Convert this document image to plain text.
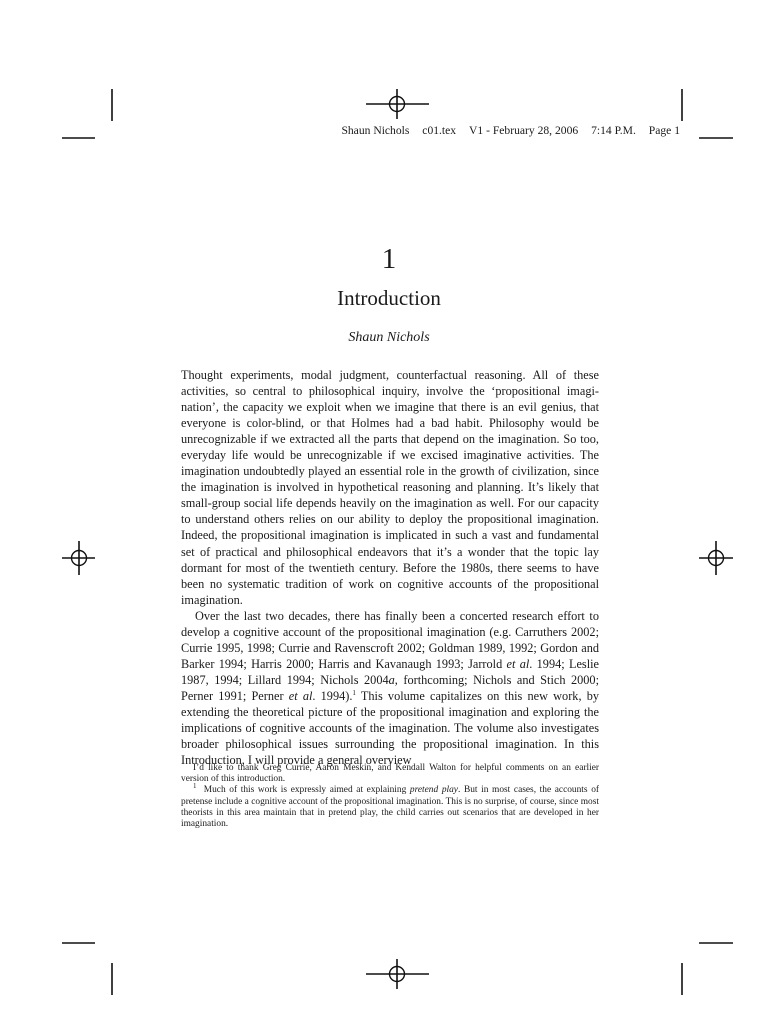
Shaun Nichols c01.tex V1 - February 28, 2006 7:14 P.M. Page 1
1
Introduction
Shaun Nichols

Thought experiments, modal judgment, counterfactual reasoning. All of these activities, so central to philosophical inquiry, involve the ‘propositional imagination’, the capacity we exploit when we imagine that there is an evil genius, that everyone is color-blind, or that Holmes had a bad habit. Philosophy would be unrecognizable if we extracted all the parts that depend on the imagination. So too, everyday life would be unrecognizable if we excised imaginative activities. The imagination undoubtedly played an essential role in the growth of civilization, since the imagination is involved in hypothetical reasoning and planning. It’s likely that small-group social life depends heavily on the imagination as well. For our capacity to understand others relies on our ability to deploy the propositional imagination. Indeed, the propositional imagination is implicated in such a vast and fundamental set of practical and philosophical endeavors that it’s a wonder that the topic lay dormant for most of the twentieth century. Before the 1980s, there seems to have been no systematic tradition of work on cognitive accounts of the propositional imagination.

Over the last two decades, there has finally been a concerted research effort to develop a cognitive account of the propositional imagination (e.g. Carruthers 2002; Currie 1995, 1998; Currie and Ravenscroft 2002; Goldman 1989, 1992; Gordon and Barker 1994; Harris 2000; Harris and Kavanaugh 1993; Jarrold et al. 1994; Leslie 1987, 1994; Lillard 1994; Nichols 2004a, forthcoming; Nichols and Stich 2000; Perner 1991; Perner et al. 1994).$^1$ This volume capitalizes on this new work, by extending the theoretical picture of the propositional imagination and exploring the implications of cognitive accounts of the imagination. The volume also investigates broader philosophical issues surrounding the propositional imagination. In this Introduction, I will provide a general overview

I’d like to thank Greg Currie, Aaron Meskin, and Kendall Walton for helpful comments on an earlier version of this introduction.

$^1$ Much of this work is expressly aimed at explaining pretend play. But in most cases, the accounts of pretense include a cognitive account of the propositional imagination. This is no surprise, of course, since most theorists in this area maintain that in pretend play, the child carries out scenarios that are developed in her imagination.
